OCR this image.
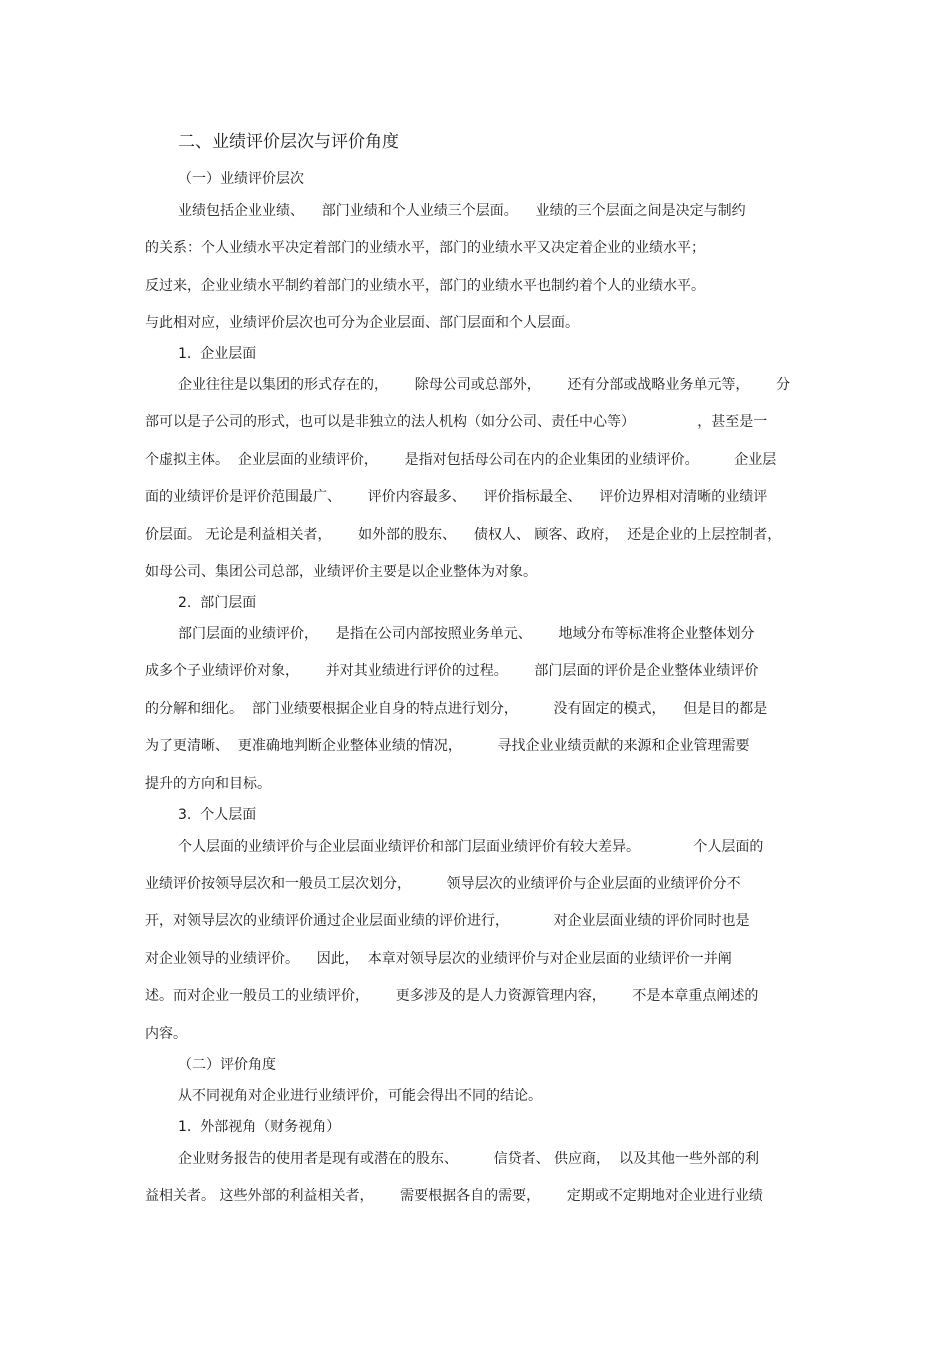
二、业绩评价层次与评价角度
（一）业绩评价层次
业绩包括企业业绩、    部门业绩和个人业绩三个层面。    业绩的三个层面之间是决定与制约
的关系：个人业绩水平决定着部门的业绩水平，部门的业绩水平又决定着企业的业绩水平；
反过来，企业业绩水平制约着部门的业绩水平，部门的业绩水平也制约着个人的业绩水平。
与此相对应，业绩评价层次也可分为企业层面、部门层面和个人层面。
1.  企业层面
企业往往是以集团的形式存在的，      除母公司或总部外，      还有分部或战略业务单元等，      分
部可以是子公司的形式，也可以是非独立的法人机构（如分公司、责任中心等）              ，甚至是一
个虚拟主体。  企业层面的业绩评价，      是指对包括母公司在内的企业集团的业绩评价。        企业层
面的业绩评价是评价范围最广、      评价内容最多、    评价指标最全、    评价边界相对清晰的业绩评
价层面。 无论是利益相关者，      如外部的股东、    债权人、 顾客、政府，  还是企业的上层控制者，
如母公司、集团公司总部，业绩评价主要是以企业整体为对象。
2.  部门层面
部门层面的业绩评价，    是指在公司内部按照业务单元、      地域分布等标准将企业整体划分
成多个子业绩评价对象，      并对其业绩进行评价的过程。      部门层面的评价是企业整体业绩评价
的分解和细化。  部门业绩要根据企业自身的特点进行划分，        没有固定的模式，    但是目的都是
为了更清晰、  更准确地判断企业整体业绩的情况，        寻找企业业绩贡献的来源和企业管理需要
提升的方向和目标。
3.  个人层面
个人层面的业绩评价与企业层面业绩评价和部门层面业绩评价有较大差异。            个人层面的
业绩评价按领导层次和一般员工层次划分，        领导层次的业绩评价与企业层面的业绩评价分不
开，对领导层次的业绩评价通过企业层面业绩的评价进行，          对企业层面业绩的评价同时也是
对企业领导的业绩评价。    因此，  本章对领导层次的业绩评价与对企业层面的业绩评价一并阐
述。而对企业一般员工的业绩评价，      更多涉及的是人力资源管理内容，      不是本章重点阐述的
内容。
（二）评价角度
从不同视角对企业进行业绩评价，可能会得出不同的结论。
1.  外部视角（财务视角）
企业财务报告的使用者是现有或潜在的股东、        信贷者、 供应商，  以及其他一些外部的利
益相关者。 这些外部的利益相关者，      需要根据各自的需要，      定期或不定期地对企业进行业绩
